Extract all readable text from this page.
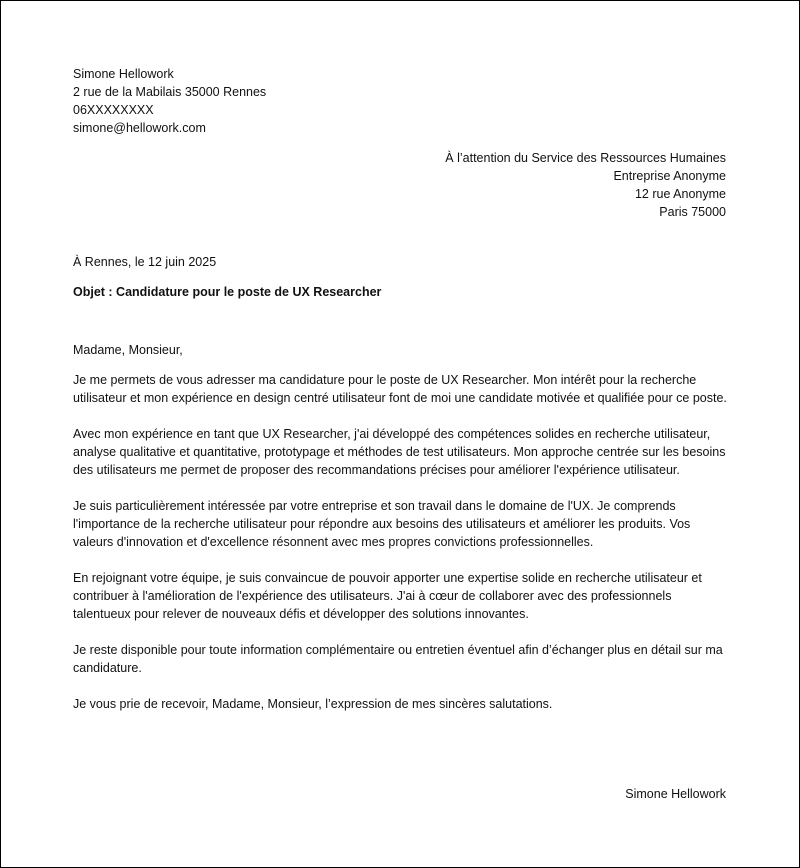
Simone Hellowork
2 rue de la Mabilais 35000 Rennes
06XXXXXXXX
simone@hellowork.com
À l’attention du Service des Ressources Humaines
Entreprise Anonyme
12 rue Anonyme
Paris 75000
À Rennes, le 12 juin 2025
Objet : Candidature pour le poste de UX Researcher
Madame, Monsieur,

Je me permets de vous adresser ma candidature pour le poste de UX Researcher. Mon intérêt pour la recherche utilisateur et mon expérience en design centré utilisateur font de moi une candidate motivée et qualifiée pour ce poste.

Avec mon expérience en tant que UX Researcher, j'ai développé des compétences solides en recherche utilisateur, analyse qualitative et quantitative, prototypage et méthodes de test utilisateurs. Mon approche centrée sur les besoins des utilisateurs me permet de proposer des recommandations précises pour améliorer l'expérience utilisateur.

Je suis particulièrement intéressée par votre entreprise et son travail dans le domaine de l'UX. Je comprends l'importance de la recherche utilisateur pour répondre aux besoins des utilisateurs et améliorer les produits. Vos valeurs d'innovation et d'excellence résonnent avec mes propres convictions professionnelles.

En rejoignant votre équipe, je suis convaincue de pouvoir apporter une expertise solide en recherche utilisateur et contribuer à l'amélioration de l'expérience des utilisateurs. J'ai à cœur de collaborer avec des professionnels talentueux pour relever de nouveaux défis et développer des solutions innovantes.

Je reste disponible pour toute information complémentaire ou entretien éventuel afin d’échanger plus en détail sur ma candidature.

Je vous prie de recevoir, Madame, Monsieur, l’expression de mes sincères salutations.

Simone Hellowork
